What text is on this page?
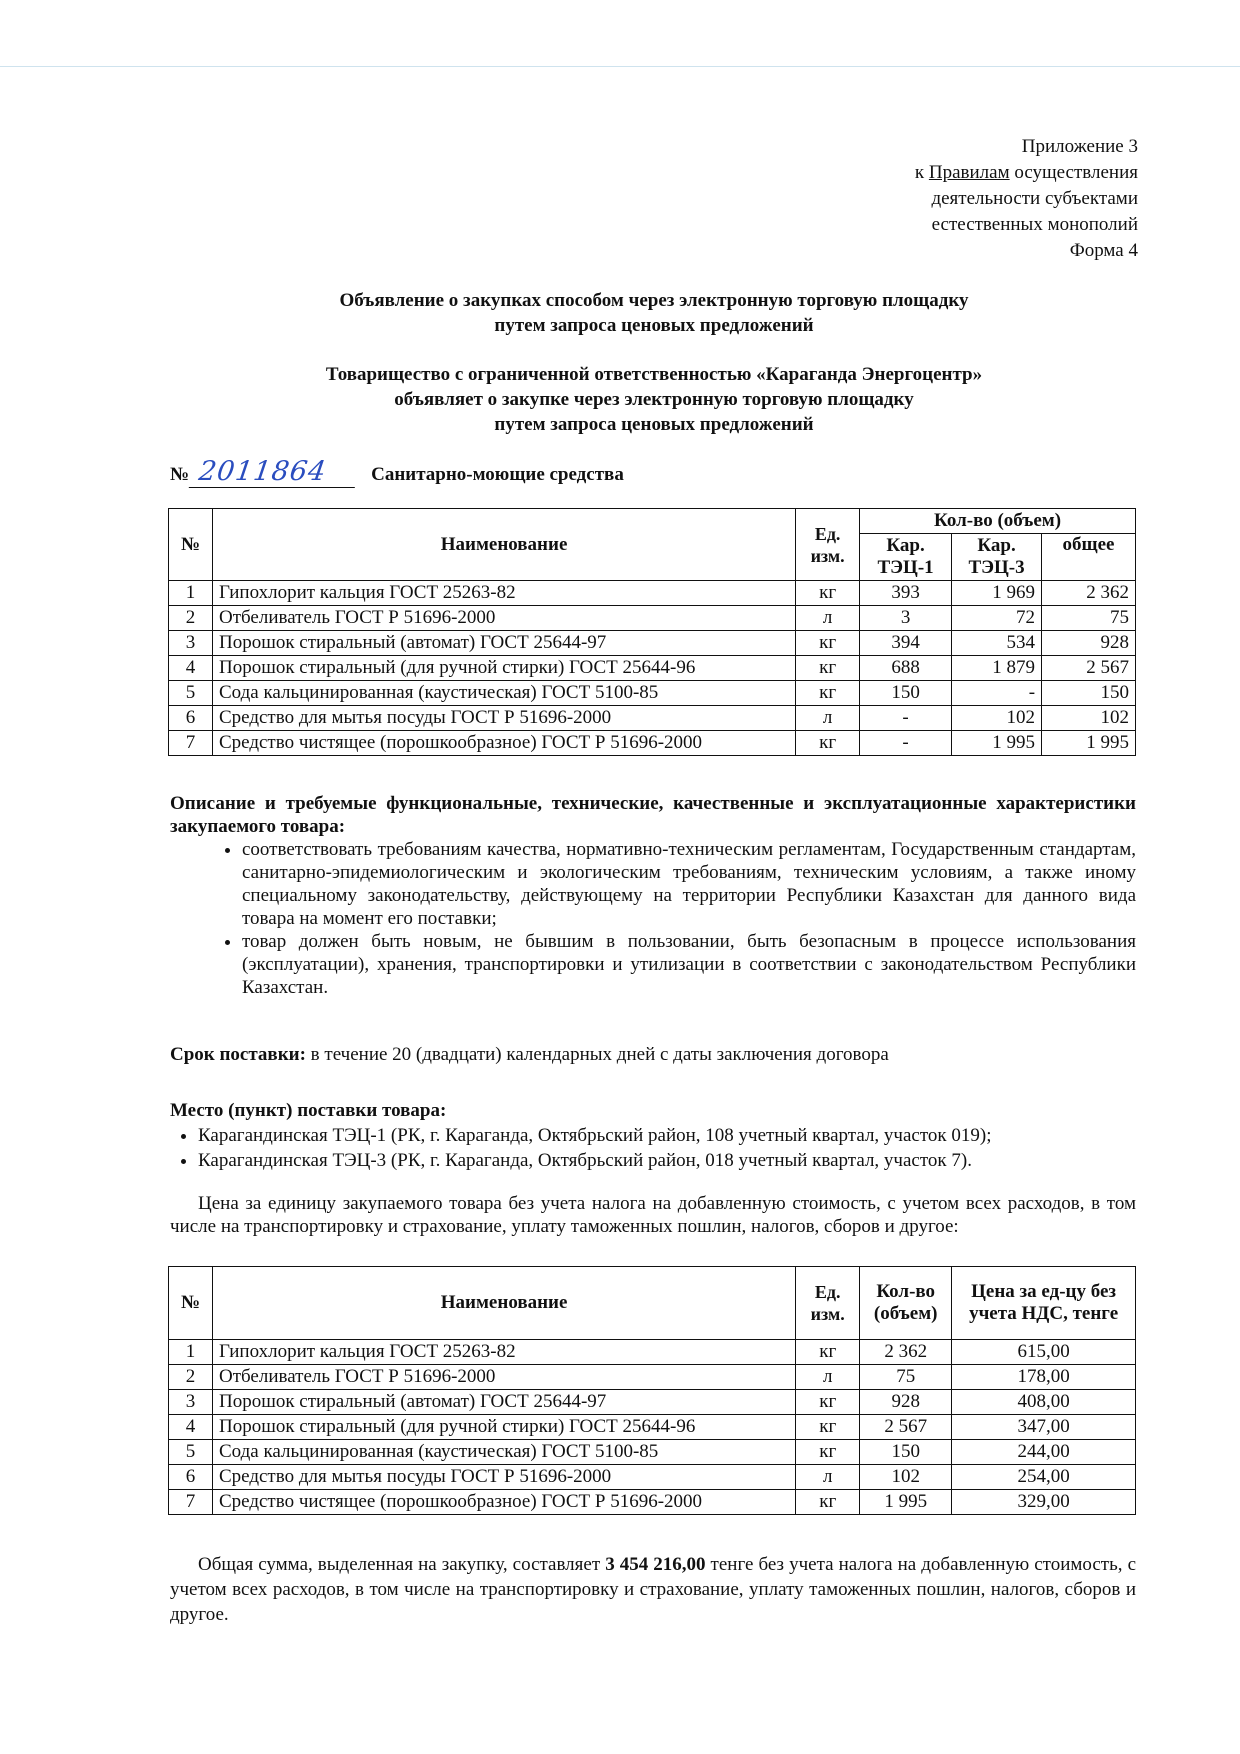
Приложение 3
к Правилам осуществления
деятельности субъектами
естественных монополий
Форма 4
Объявление о закупках способом через электронную торговую площадку
путем запроса ценовых предложений
Товарищество с ограниченной ответственностью «Караганда Энергоцентр»
объявляет о закупке через электронную торговую площадку
путем запроса ценовых предложений
№ 2011864	Санитарно-моющие средства
№	Наименование	Ед. изм.	Кол-во (объем)		
			Кар. ТЭЦ-1	Кар. ТЭЦ-3	общее
1	Гипохлорит кальция ГОСТ 25263-82	кг	393	1 969	2 362
2	Отбеливатель ГОСТ Р 51696-2000	л	3	72	75
3	Порошок стиральный (автомат) ГОСТ 25644-97	кг	394	534	928
4	Порошок стиральный (для ручной стирки) ГОСТ 25644-96	кг	688	1 879	2 567
5	Сода кальцинированная (каустическая) ГОСТ 5100-85	кг	150	-	150
6	Средство для мытья посуды ГОСТ Р 51696-2000	л	-	102	102
7	Средство чистящее (порошкообразное) ГОСТ Р 51696-2000	кг	-	1 995	1 995
Описание и требуемые функциональные, технические, качественные и эксплуатационные характеристики закупаемого товара:
• соответствовать требованиям качества, нормативно-техническим регламентам, Государственным стандартам, санитарно-эпидемиологическим и экологическим требованиям, техническим условиям, а также иному специальному законодательству, действующему на территории Республики Казахстан для данного вида товара на момент его поставки;
• товар должен быть новым, не бывшим в пользовании, быть безопасным в процессе использования (эксплуатации), хранения, транспортировки и утилизации в соответствии с законодательством Республики Казахстан.
Срок поставки: в течение 20 (двадцати) календарных дней с даты заключения договора
Место (пункт) поставки товара:
• Карагандинская ТЭЦ-1 (РК, г. Караганда, Октябрьский район, 108 учетный квартал, участок 019);
• Карагандинская ТЭЦ-3 (РК, г. Караганда, Октябрьский район, 018 учетный квартал, участок 7).

Цена за единицу закупаемого товара без учета налога на добавленную стоимость, с учетом всех расходов, в том числе на транспортировку и страхование, уплату таможенных пошлин, налогов, сборов и другое:

№	Наименование	Ед. изм.	Кол-во (объем)	Цена за ед-цу без учета НДС, тенге
1	Гипохлорит кальция ГОСТ 25263-82	кг	2 362	615,00
2	Отбеливатель ГОСТ Р 51696-2000	л	75	178,00
3	Порошок стиральный (автомат) ГОСТ 25644-97	кг	928	408,00
4	Порошок стиральный (для ручной стирки) ГОСТ 25644-96	кг	2 567	347,00
5	Сода кальцинированная (каустическая) ГОСТ 5100-85	кг	150	244,00
6	Средство для мытья посуды ГОСТ Р 51696-2000	л	102	254,00
7	Средство чистящее (порошкообразное) ГОСТ Р 51696-2000	кг	1 995	329,00

Общая сумма, выделенная на закупку, составляет 3 454 216,00 тенге без учета налога на добавленную стоимость, с учетом всех расходов, в том числе на транспортировку и страхование, уплату таможенных пошлин, налогов, сборов и другое.
